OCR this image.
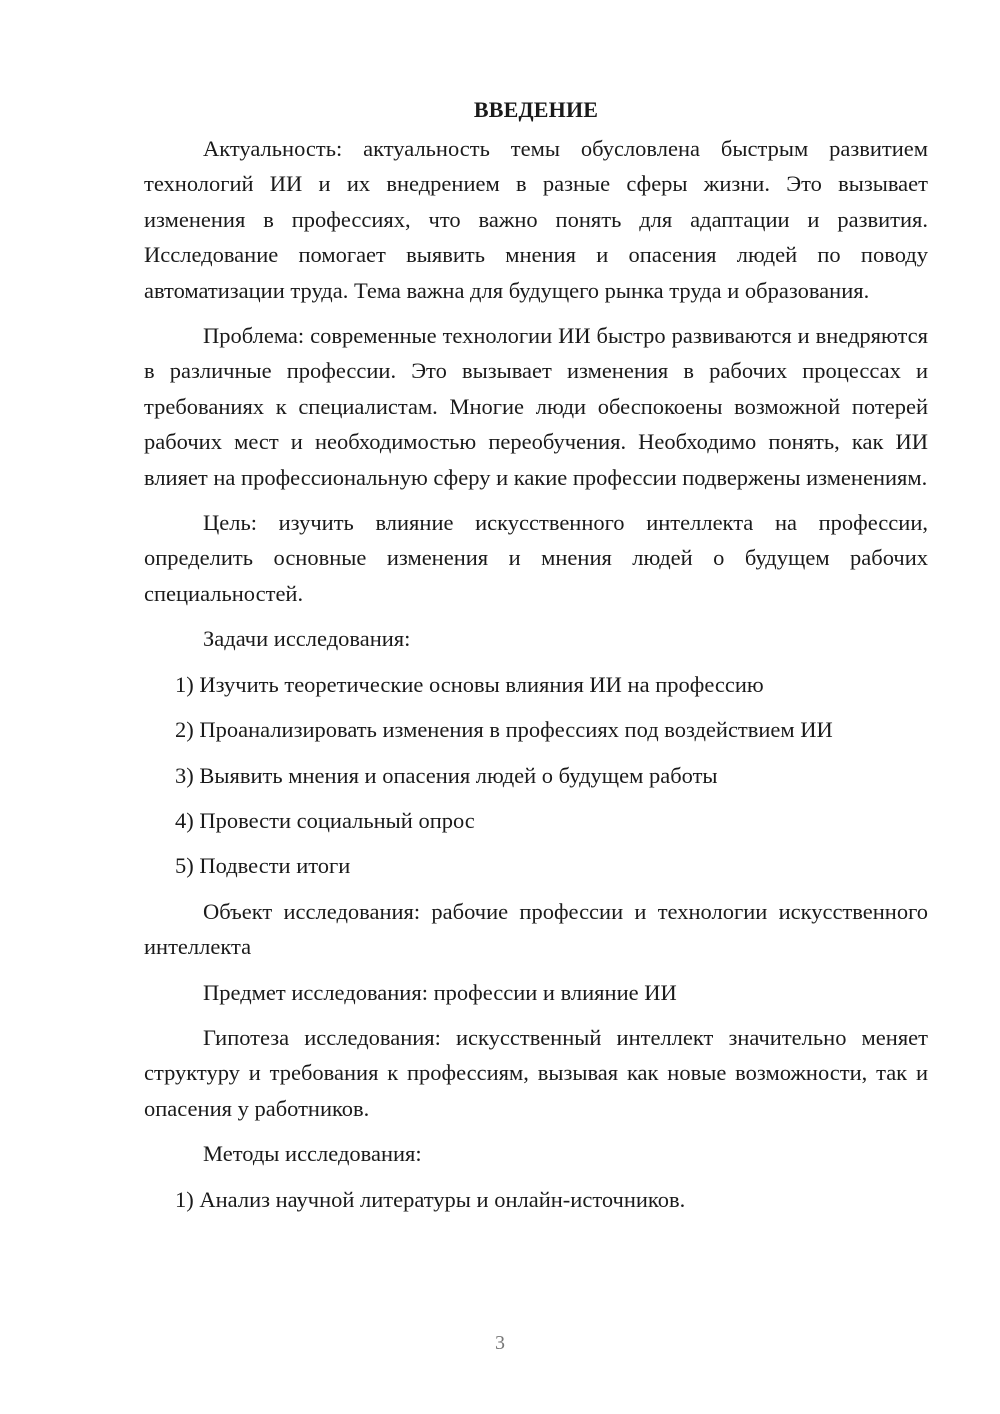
ВВЕДЕНИЕ

Актуальность: актуальность темы обусловлена быстрым развитием технологий ИИ и их внедрением в разные сферы жизни. Это вызывает изменения в профессиях, что важно понять для адаптации и развития. Исследование помогает выявить мнения и опасения людей по поводу автоматизации труда. Тема важна для будущего рынка труда и образования.

Проблема: современные технологии ИИ быстро развиваются и внедряются в различные профессии. Это вызывает изменения в рабочих процессах и требованиях к специалистам. Многие люди обеспокоены возможной потерей рабочих мест и необходимостью переобучения. Необходимо понять, как ИИ влияет на профессиональную сферу и какие профессии подвержены изменениям.

Цель: изучить влияние искусственного интеллекта на профессии, определить основные изменения и мнения людей о будущем рабочих специальностей.

Задачи исследования:
1) Изучить теоретические основы влияния ИИ на профессию
2) Проанализировать изменения в профессиях под воздействием ИИ
3) Выявить мнения и опасения людей о будущем работы
4) Провести социальный опрос
5) Подвести итоги

Объект исследования: рабочие профессии и технологии искусственного интеллекта

Предмет исследования: профессии и влияние ИИ

Гипотеза исследования: искусственный интеллект значительно меняет структуру и требования к профессиям, вызывая как новые возможности, так и опасения у работников.

Методы исследования:
1) Анализ научной литературы и онлайн-источников.
3
